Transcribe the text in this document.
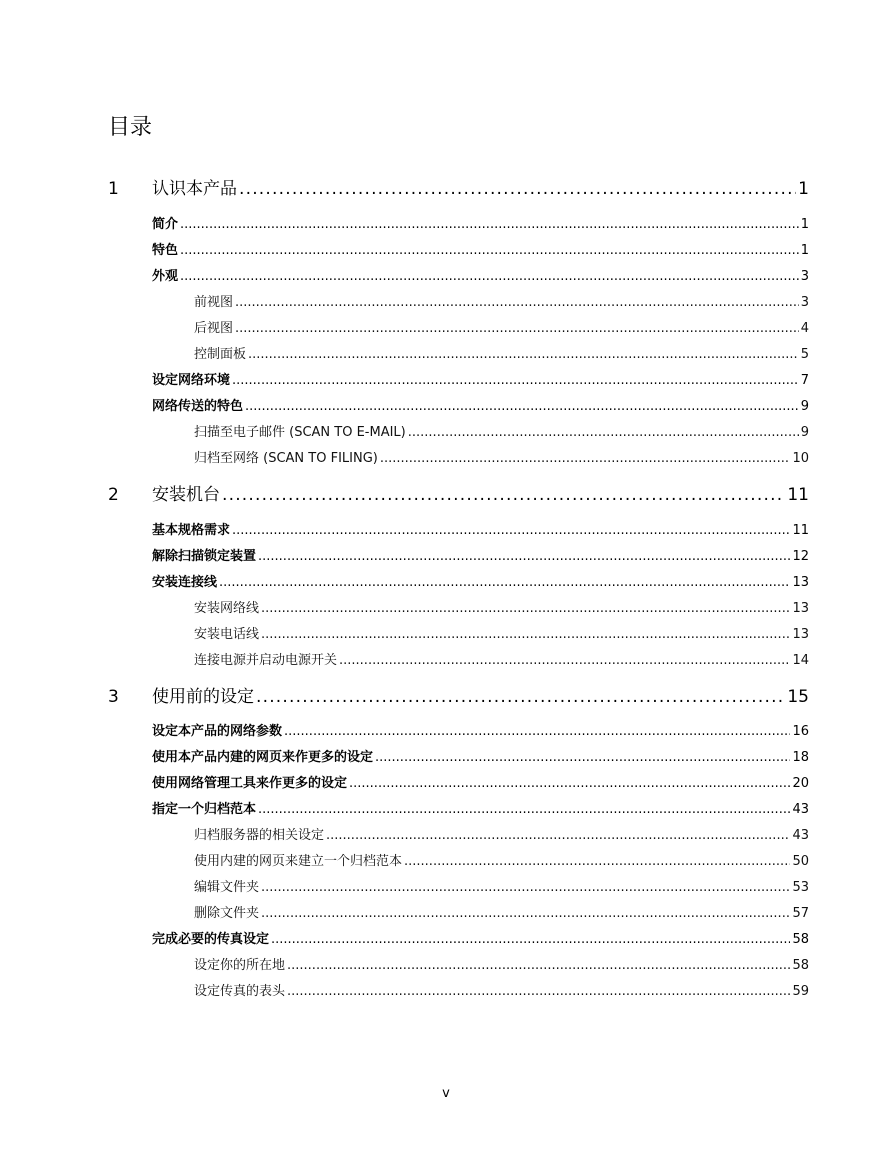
目录
1	认识本产品 .....	1
简介 .....	1
特色 .....	1
外观 .....	3
前视图 .....	3
后视图 .....	4
控制面板 .....	5
设定网络环境 .....	7
网络传送的特色 .....	9
扫描至电子邮件 (SCAN TO E-MAIL) .....	9
归档至网络 (SCAN TO FILING) .....	10
2	安装机台 .....	11
基本规格需求 .....	11
解除扫描锁定装置 .....	12
安装连接线 .....	13
安装网络线 .....	13
安装电话线 .....	13
连接电源并启动电源开关 .....	14
3	使用前的设定 .....	15
设定本产品的网络参数 .....	16
使用本产品内建的网页来作更多的设定 .....	18
使用网络管理工具来作更多的设定 .....	20
指定一个归档范本 .....	43
归档服务器的相关设定 .....	43
使用内建的网页来建立一个归档范本 .....	50
编辑文件夹 .....	53
删除文件夹 .....	57
完成必要的传真设定 .....	58
设定你的所在地 .....	58
设定传真的表头 .....	59
v
